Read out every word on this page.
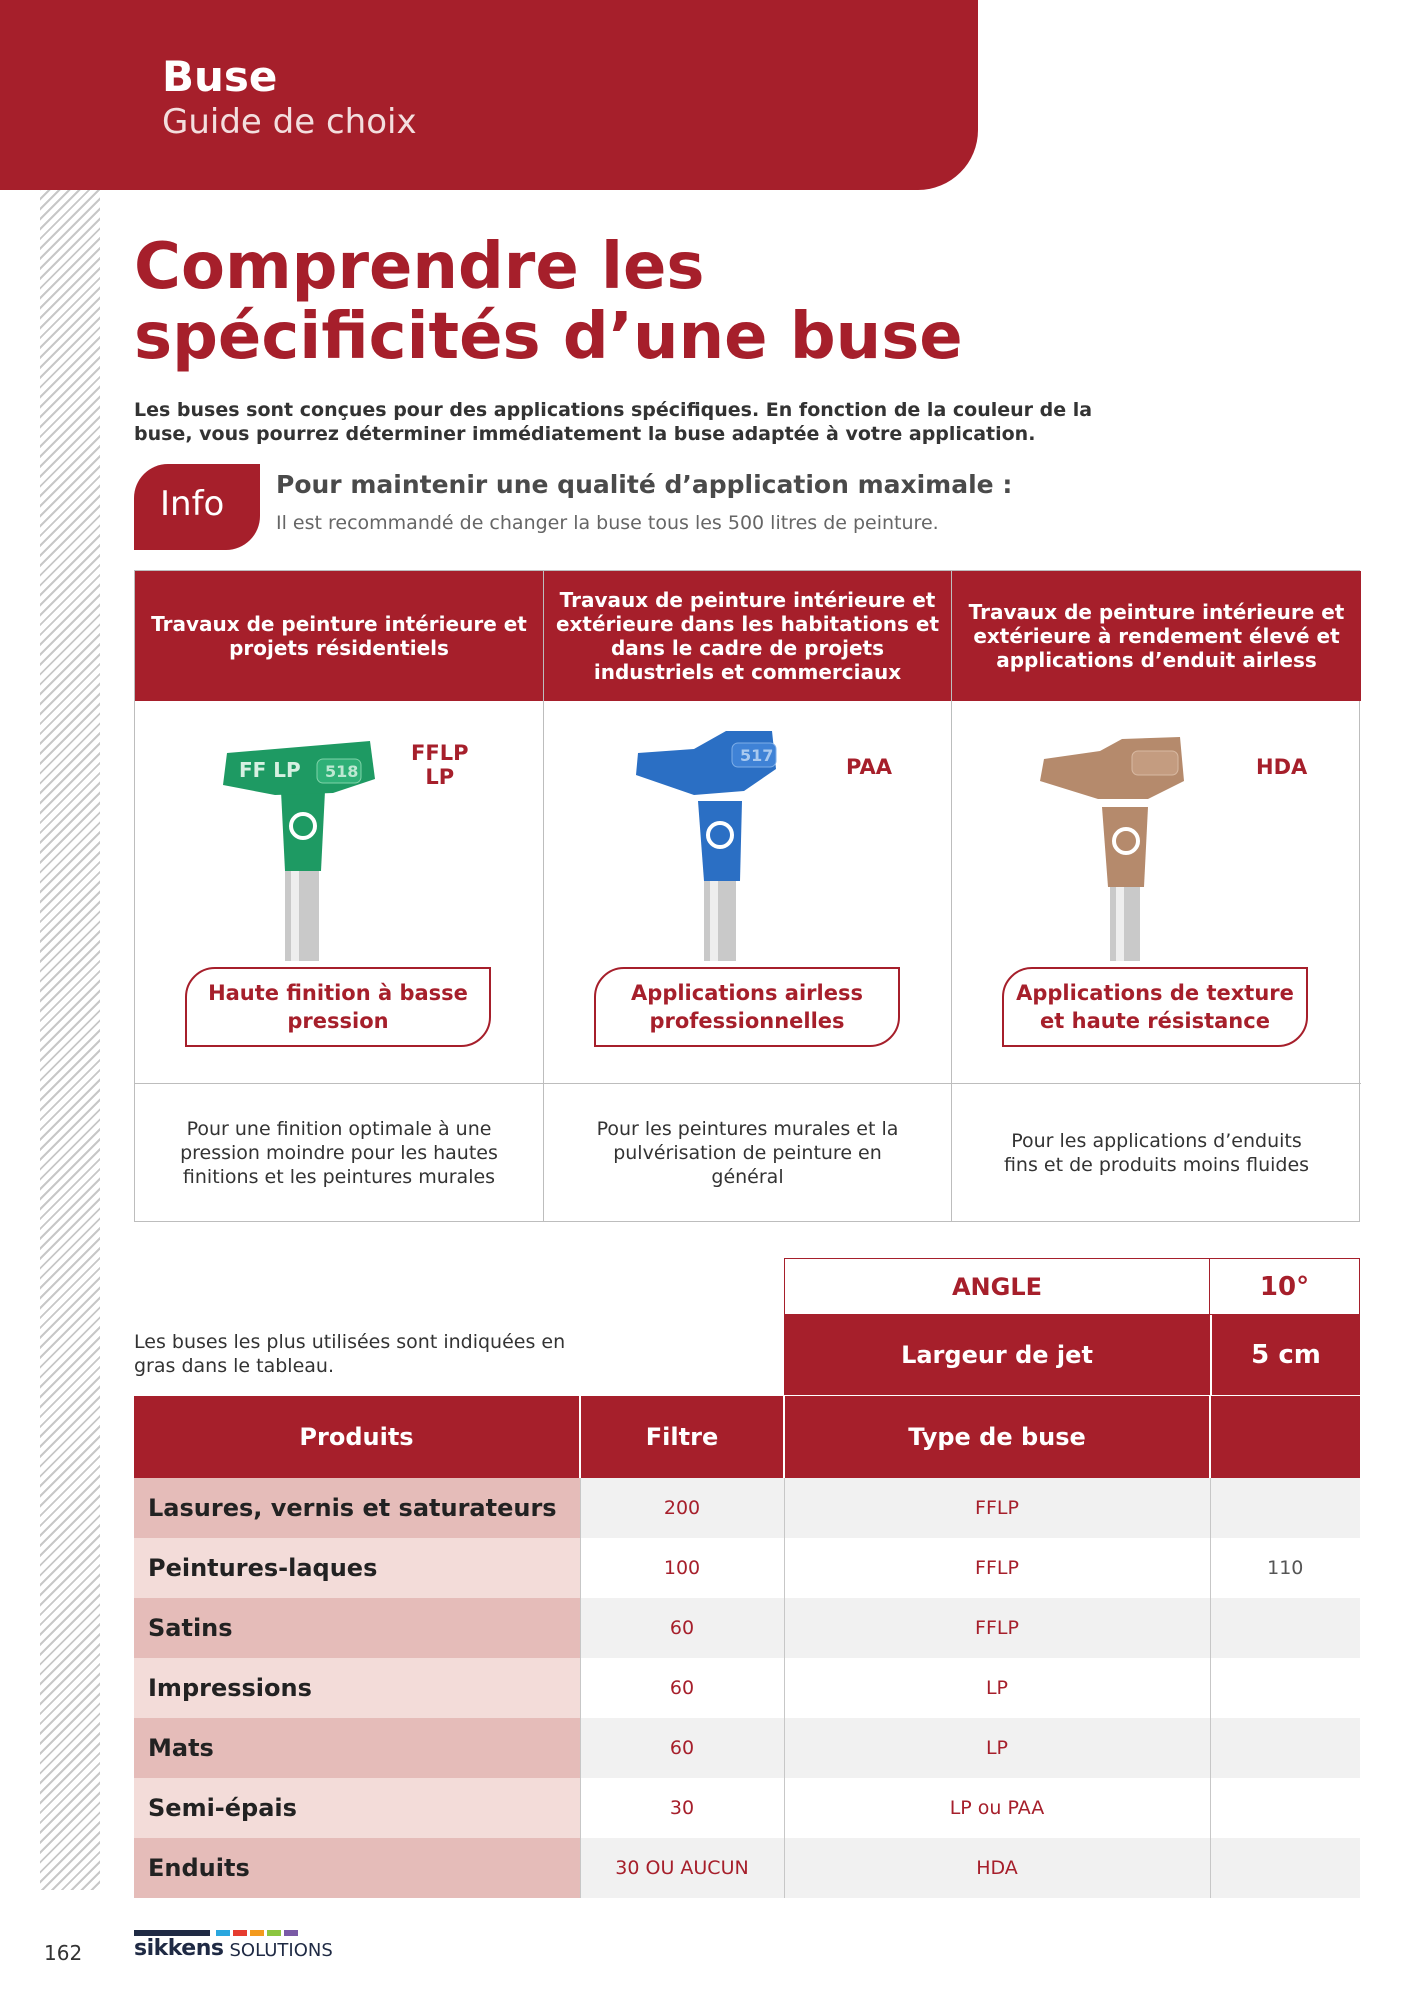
Buse
Guide de choix
Comprendre les
spécificités d’une buse
Les buses sont conçues pour des applications spécifiques. En fonction de la couleur de la buse, vous pourrez déterminer immédiatement la buse adaptée à votre application.
Info Pour maintenir une qualité d’application maximale :
Il est recommandé de changer la buse tous les 500 litres de peinture.
Travaux de peinture intérieure et projets résidentiels
FF LP 518
FFLP
LP
Haute finition à basse pression
Pour une finition optimale à une pression moindre pour les hautes finitions et les peintures murales
Travaux de peinture intérieure et extérieure dans les habitations et dans le cadre de projets industriels et commerciaux
517	PAA
Applications airless professionnelles
Pour les peintures murales et la pulvérisation de peinture en général
Travaux de peinture intérieure et extérieure à rendement élevé et applications d’enduit airless
HDA
Applications de texture et haute résistance
Pour les applications d’enduits fins et de produits moins fluides
Les buses les plus utilisées sont indiquées en gras dans le tableau.
ANGLE	10°
Largeur de jet	5 cm
Produits	Filtre	Type de buse	
Lasures, vernis et saturateurs	200	FFLP	
Peintures-laques	100	FFLP	110
Satins	60	FFLP	
Impressions	60	LP	
Mats	60	LP	
Semi-épais	30	LP ou PAA	
Enduits	30 OU AUCUN	HDA	
162 sikkens SOLUTIONS
